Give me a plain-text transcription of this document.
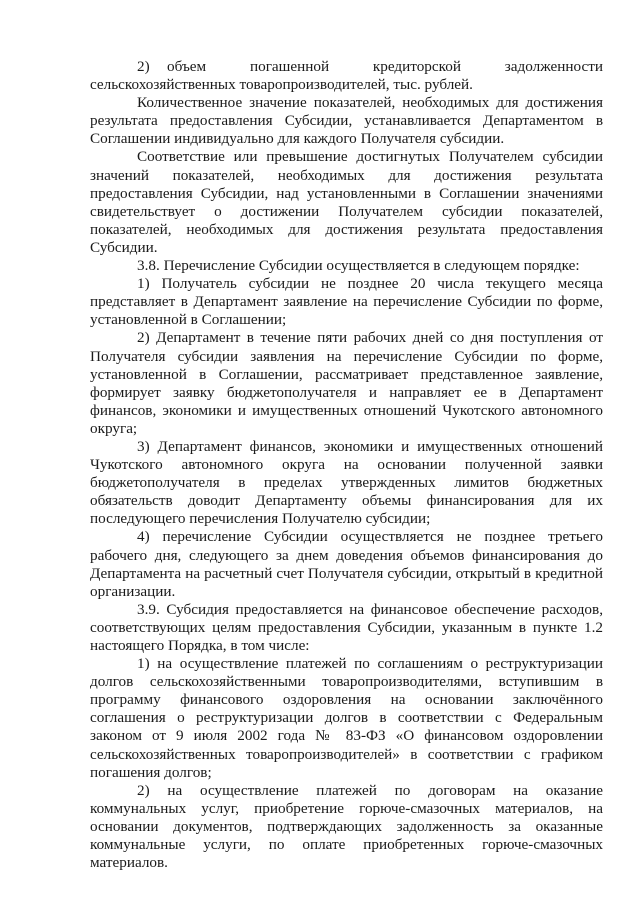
2) объем погашенной кредиторской задолженности сельскохозяйственных товаропроизводителей, тыс. рублей.

Количественное значение показателей, необходимых для достижения результата предоставления Субсидии, устанавливается Департаментом в Соглашении индивидуально для каждого Получателя субсидии.

Соответствие или превышение достигнутых Получателем субсидии значений показателей, необходимых для достижения результата предоставления Субсидии, над установленными в Соглашении значениями свидетельствует о достижении Получателем субсидии показателей, показателей, необходимых для достижения результата предоставления Субсидии.

3.8. Перечисление Субсидии осуществляется в следующем порядке:

1) Получатель субсидии не позднее 20 числа текущего месяца представляет в Департамент заявление на перечисление Субсидии по форме, установленной в Соглашении;

2) Департамент в течение пяти рабочих дней со дня поступления от Получателя субсидии заявления на перечисление Субсидии по форме, установленной в Соглашении, рассматривает представленное заявление, формирует заявку бюджетополучателя и направляет ее в Департамент финансов, экономики и имущественных отношений Чукотского автономного округа;

3) Департамент финансов, экономики и имущественных отношений Чукотского автономного округа на основании полученной заявки бюджетополучателя в пределах утвержденных лимитов бюджетных обязательств доводит Департаменту объемы финансирования для их последующего перечисления Получателю субсидии;

4) перечисление Субсидии осуществляется не позднее третьего рабочего дня, следующего за днем доведения объемов финансирования до Департамента на расчетный счет Получателя субсидии, открытый в кредитной организации.

3.9. Субсидия предоставляется на финансовое обеспечение расходов, соответствующих целям предоставления Субсидии, указанным в пункте 1.2 настоящего Порядка, в том числе:

1) на осуществление платежей по соглашениям о реструктуризации долгов сельскохозяйственными товаропроизводителями, вступившим в программу финансового оздоровления на основании заключённого соглашения о реструктуризации долгов в соответствии с Федеральным законом от 9 июля 2002 года № 83-ФЗ «О финансовом оздоровлении сельскохозяйственных товаропроизводителей» в соответствии с графиком погашения долгов;

2) на осуществление платежей по договорам на оказание коммунальных услуг, приобретение горюче-смазочных материалов, на основании документов, подтверждающих задолженность за оказанные коммунальные услуги, по оплате приобретенных горюче-смазочных материалов.
